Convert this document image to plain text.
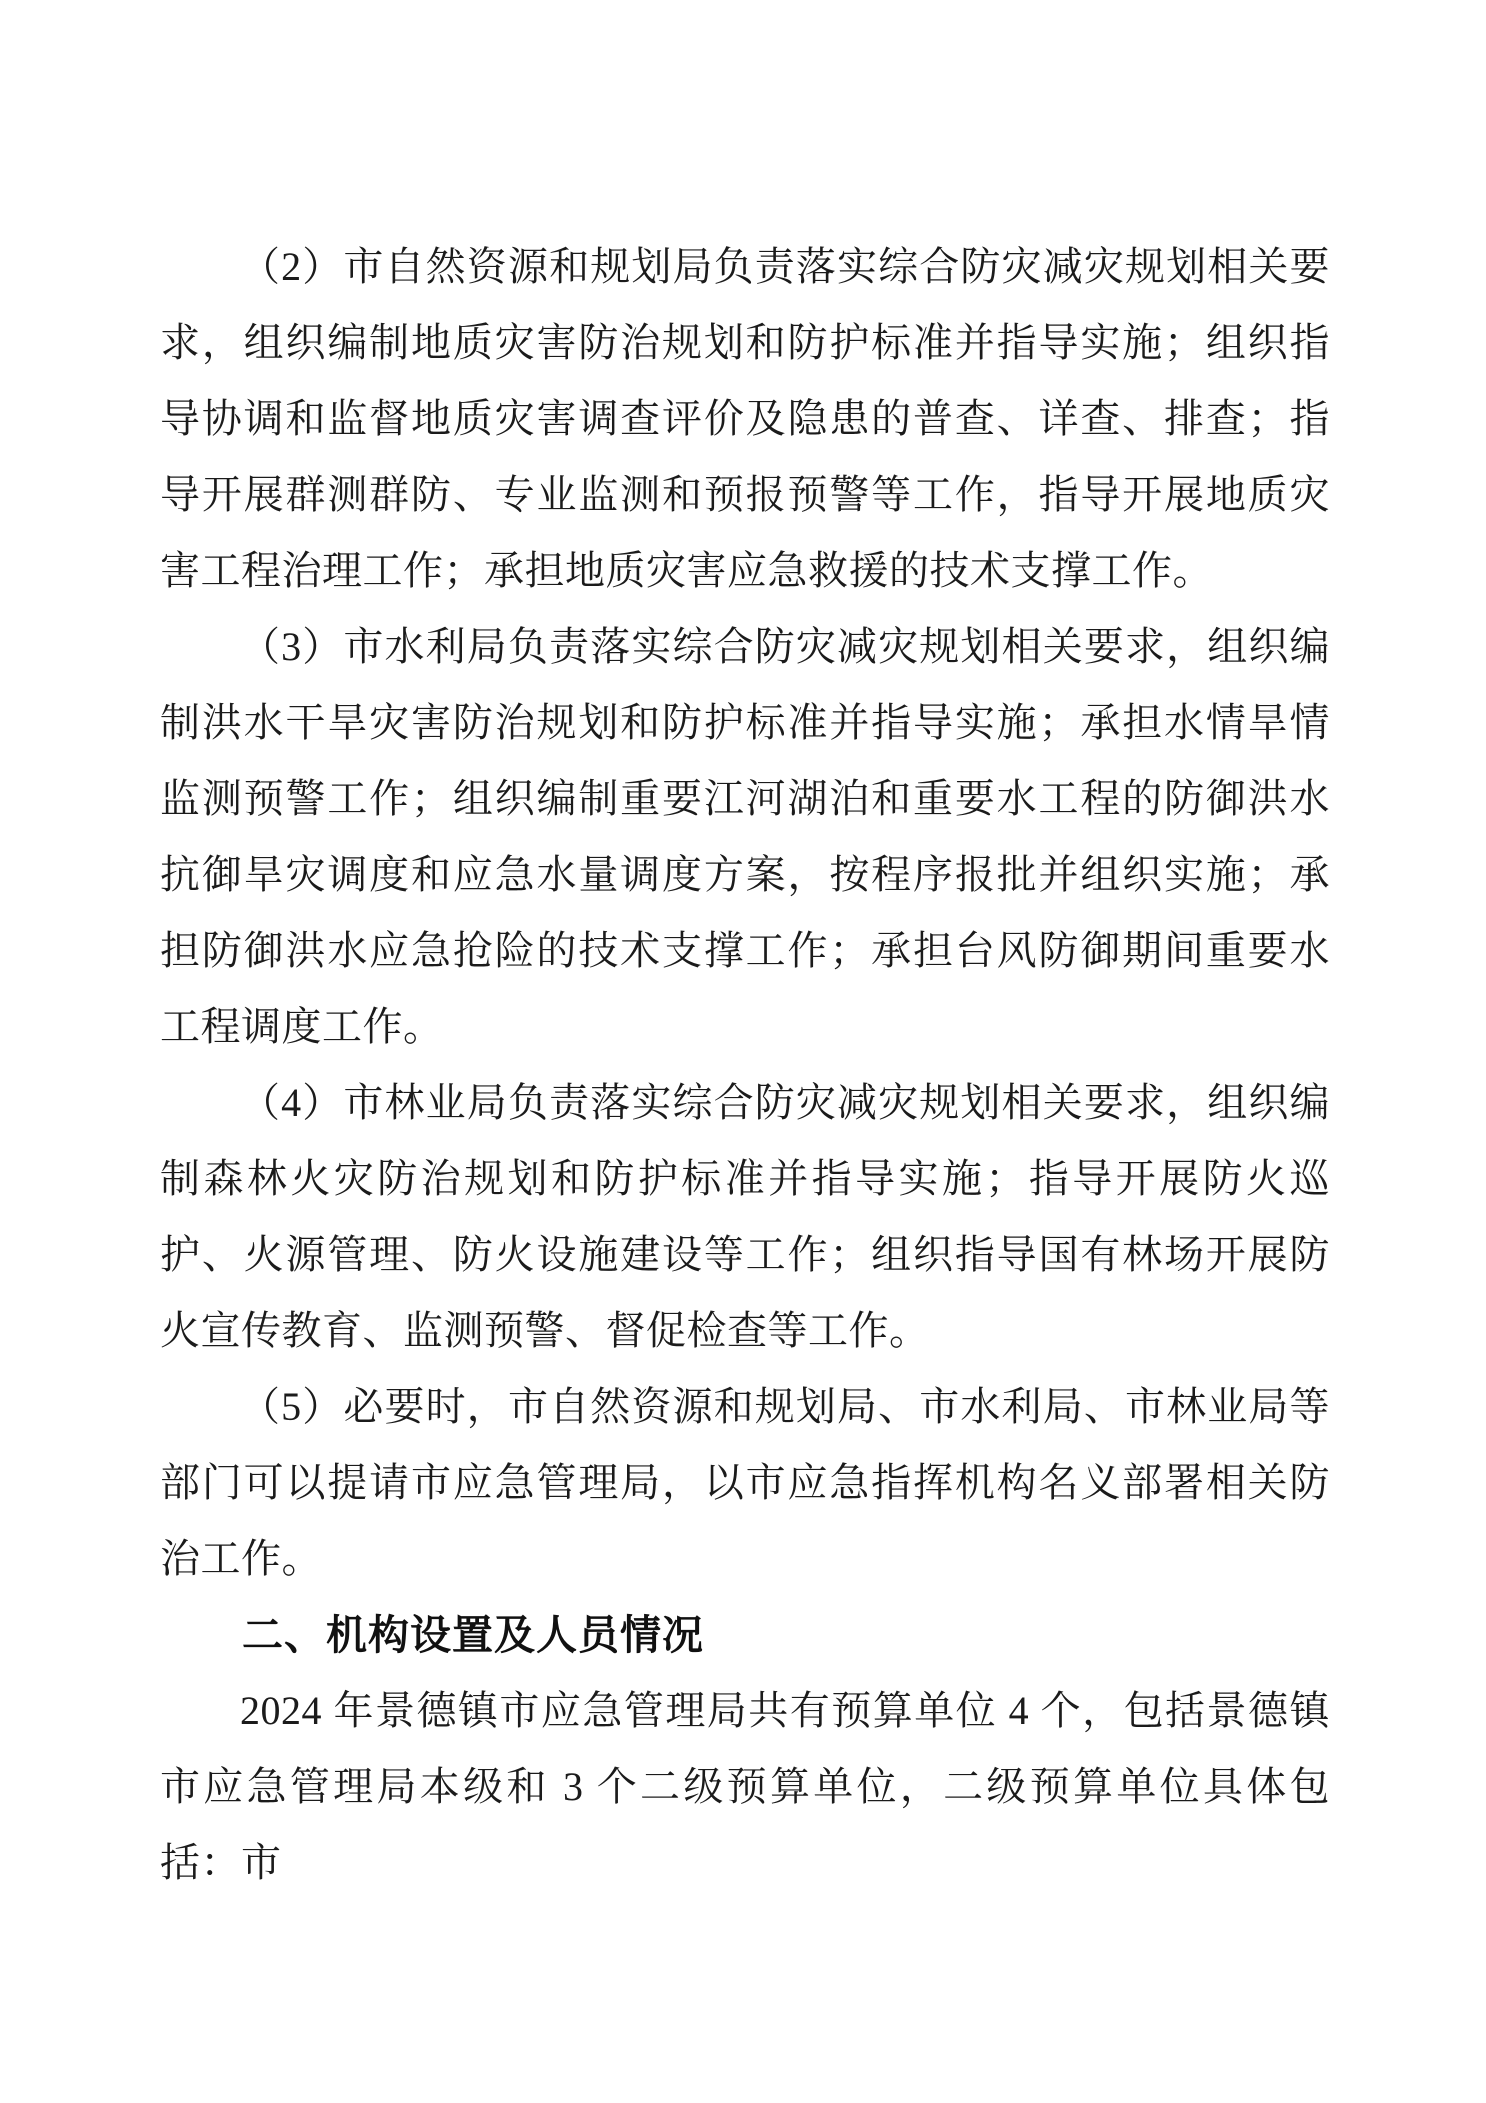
（2）市自然资源和规划局负责落实综合防灾减灾规划相关要求，组织编制地质灾害防治规划和防护标准并指导实施；组织指导协调和监督地质灾害调查评价及隐患的普查、详查、排查；指导开展群测群防、专业监测和预报预警等工作，指导开展地质灾害工程治理工作；承担地质灾害应急救援的技术支撑工作。

（3）市水利局负责落实综合防灾减灾规划相关要求，组织编制洪水干旱灾害防治规划和防护标准并指导实施；承担水情旱情监测预警工作；组织编制重要江河湖泊和重要水工程的防御洪水抗御旱灾调度和应急水量调度方案，按程序报批并组织实施；承担防御洪水应急抢险的技术支撑工作；承担台风防御期间重要水工程调度工作。

（4）市林业局负责落实综合防灾减灾规划相关要求，组织编制森林火灾防治规划和防护标准并指导实施；指导开展防火巡护、火源管理、防火设施建设等工作；组织指导国有林场开展防火宣传教育、监测预警、督促检查等工作。

（5）必要时，市自然资源和规划局、市水利局、市林业局等部门可以提请市应急管理局，以市应急指挥机构名义部署相关防治工作。

二、机构设置及人员情况

2024 年景德镇市应急管理局共有预算单位 4 个，包括景德镇市应急管理局本级和 3 个二级预算单位，二级预算单位具体包括：市
